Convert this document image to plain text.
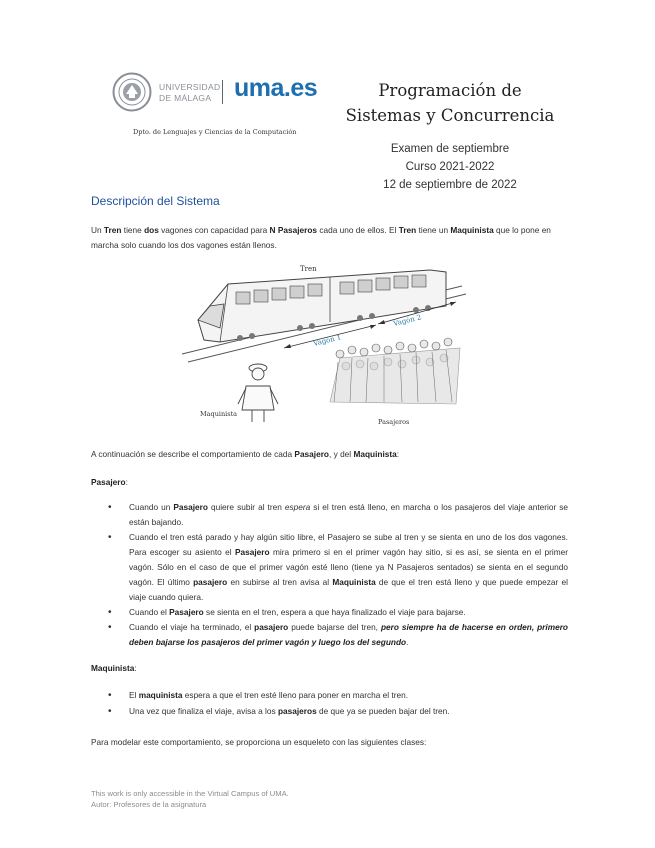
UNIVERSIDAD
DE MÁLAGA uma.es
Dpto. de Lenguajes y Ciencias de la Computación
Programación de
Sistemas y Concurrencia
Examen de septiembre
Curso 2021-2022
12 de septiembre de 2022
Descripción del Sistema
Un Tren tiene dos vagones con capacidad para N Pasajeros cada uno de ellos. El Tren tiene un Maquinista que lo pone en marcha solo cuando los dos vagones están llenos.
Vagón 1
Vagón 2
Tren
Maquinista
Pasajeros
A continuación se describe el comportamiento de cada Pasajero, y del Maquinista:
Pasajero:
• Cuando un Pasajero quiere subir al tren espera si el tren está lleno, en marcha o los pasajeros del viaje anterior se están bajando.
• Cuando el tren está parado y hay algún sitio libre, el Pasajero se sube al tren y se sienta en uno de los dos vagones. Para escoger su asiento el Pasajero mira primero si en el primer vagón hay sitio, si es así, se sienta en el primer vagón. Sólo en el caso de que el primer vagón esté lleno (tiene ya N Pasajeros sentados) se sienta en el segundo vagón. El último pasajero en subirse al tren avisa al Maquinista de que el tren está lleno y que puede empezar el viaje cuando quiera.
• Cuando el Pasajero se sienta en el tren, espera a que haya finalizado el viaje para bajarse.
• Cuando el viaje ha terminado, el pasajero puede bajarse del tren, pero siempre ha de hacerse en orden, primero deben bajarse los pasajeros del primer vagón y luego los del segundo.
Maquinista:
• El maquinista espera a que el tren esté lleno para poner en marcha el tren.
• Una vez que finaliza el viaje, avisa a los pasajeros de que ya se pueden bajar del tren.
Para modelar este comportamiento, se proporciona un esqueleto con las siguientes clases:
This work is only accessible in the Virtual Campus of UMA.
Autor: Profesores de la asignatura
